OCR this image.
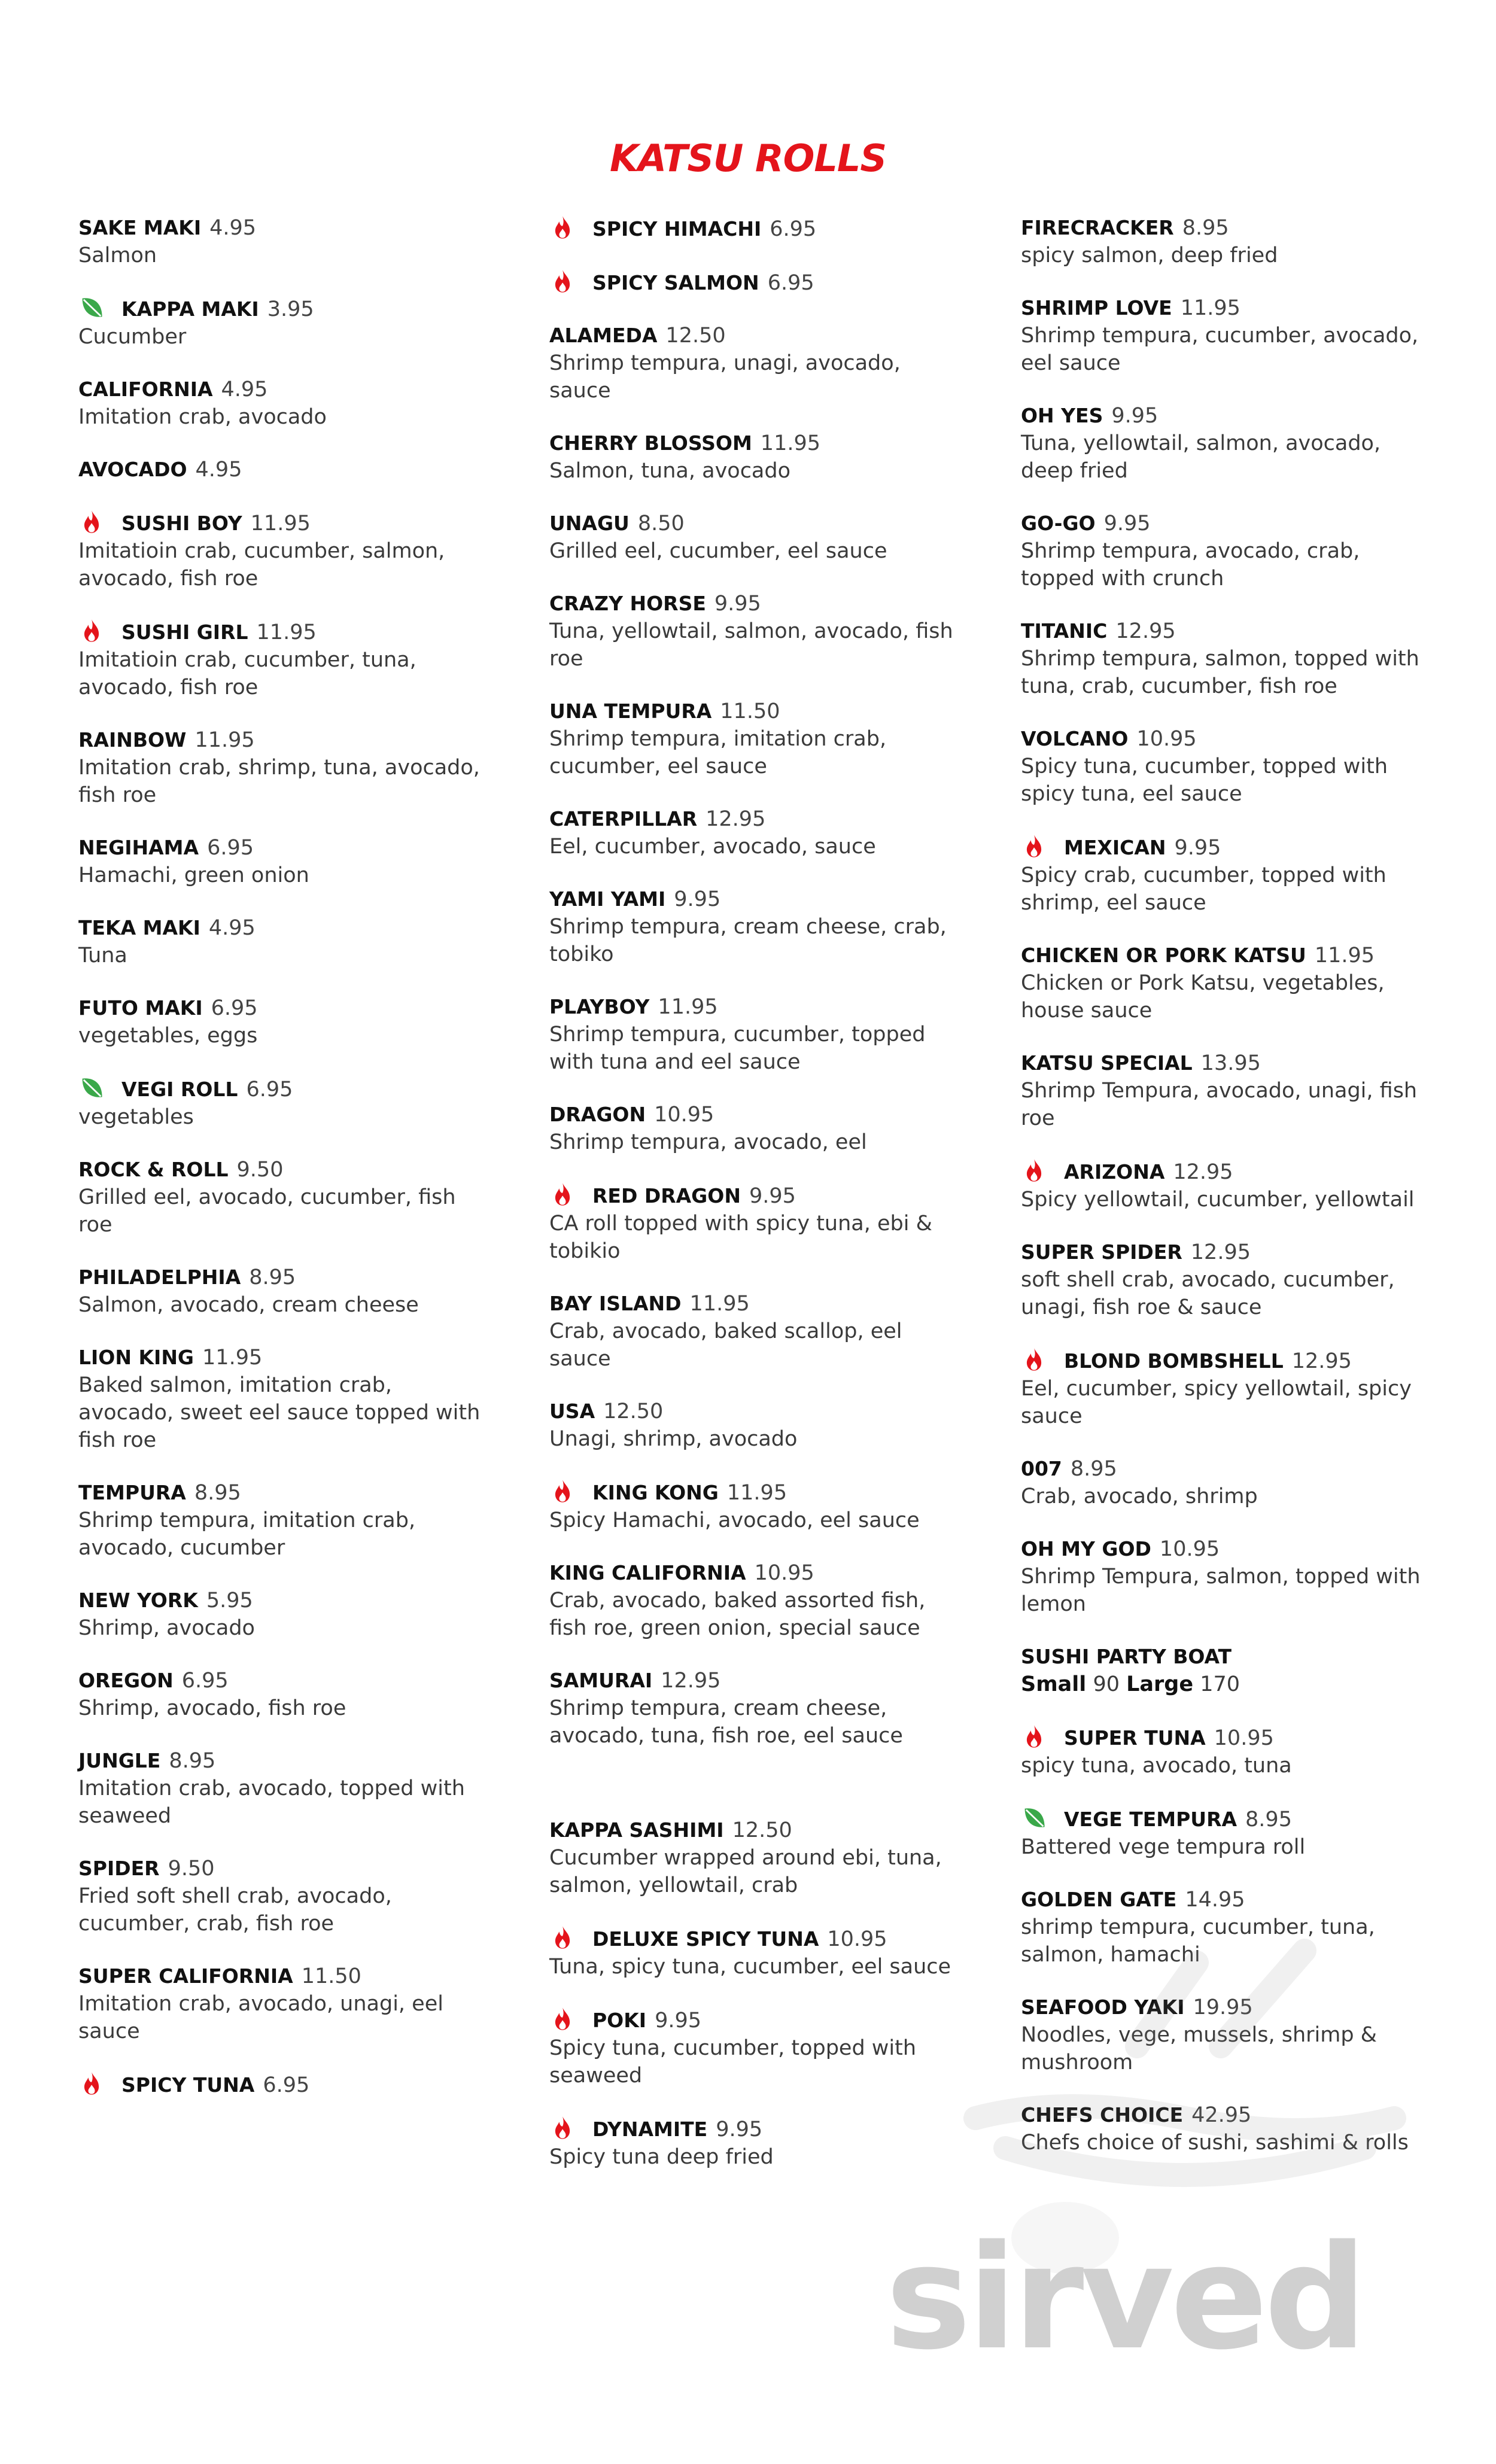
KATSU ROLLS
SAKE MAKI 4.95
Salmon
KAPPA MAKI 3.95
Cucumber
CALIFORNIA 4.95
Imitation crab, avocado
AVOCADO 4.95
SUSHI BOY 11.95
Imitatioin crab, cucumber, salmon, avocado, fish roe
SUSHI GIRL 11.95
Imitatioin crab, cucumber, tuna, avocado, fish roe
RAINBOW 11.95
Imitation crab, shrimp, tuna, avocado, fish roe
NEGIHAMA 6.95
Hamachi, green onion
TEKA MAKI 4.95
Tuna
FUTO MAKI 6.95
vegetables, eggs
VEGI ROLL 6.95
vegetables
ROCK & ROLL 9.50
Grilled eel, avocado, cucumber, fish roe
PHILADELPHIA 8.95
Salmon, avocado, cream cheese
LION KING 11.95
Baked salmon, imitation crab, avocado, sweet eel sauce topped with fish roe
TEMPURA 8.95
Shrimp tempura, imitation crab, avocado, cucumber
NEW YORK 5.95
Shrimp, avocado
OREGON 6.95
Shrimp, avocado, fish roe
JUNGLE 8.95
Imitation crab, avocado, topped with seaweed
SPIDER 9.50
Fried soft shell crab, avocado, cucumber, crab, fish roe
SUPER CALIFORNIA 11.50
Imitation crab, avocado, unagi, eel sauce
SPICY TUNA 6.95
SPICY HIMACHI 6.95
SPICY SALMON 6.95
ALAMEDA 12.50
Shrimp tempura, unagi, avocado, sauce
CHERRY BLOSSOM 11.95
Salmon, tuna, avocado
UNAGU 8.50
Grilled eel, cucumber, eel sauce
CRAZY HORSE 9.95
Tuna, yellowtail, salmon, avocado, fish roe
UNA TEMPURA 11.50
Shrimp tempura, imitation crab, cucumber, eel sauce
CATERPILLAR 12.95
Eel, cucumber, avocado, sauce
YAMI YAMI 9.95
Shrimp tempura, cream cheese, crab, tobiko
PLAYBOY 11.95
Shrimp tempura, cucumber, topped with tuna and eel sauce
DRAGON 10.95
Shrimp tempura, avocado, eel
RED DRAGON 9.95
CA roll topped with spicy tuna, ebi & tobikio
BAY ISLAND 11.95
Crab, avocado, baked scallop, eel sauce
USA 12.50
Unagi, shrimp, avocado
KING KONG 11.95
Spicy Hamachi, avocado, eel sauce
KING CALIFORNIA 10.95
Crab, avocado, baked assorted fish, fish roe, green onion, special sauce
SAMURAI 12.95
Shrimp tempura, cream cheese, avocado, tuna, fish roe, eel sauce
KAPPA SASHIMI 12.50
Cucumber wrapped around ebi, tuna, salmon, yellowtail, crab
DELUXE SPICY TUNA 10.95
Tuna, spicy tuna, cucumber, eel sauce
POKI 9.95
Spicy tuna, cucumber, topped with seaweed
DYNAMITE 9.95
Spicy tuna deep fried
FIRECRACKER 8.95
spicy salmon, deep fried
SHRIMP LOVE 11.95
Shrimp tempura, cucumber, avocado, eel sauce
OH YES 9.95
Tuna, yellowtail, salmon, avocado, deep fried
GO-GO 9.95
Shrimp tempura, avocado, crab, topped with crunch
TITANIC 12.95
Shrimp tempura, salmon, topped with tuna, crab, cucumber, fish roe
VOLCANO 10.95
Spicy tuna, cucumber, topped with spicy tuna, eel sauce
MEXICAN 9.95
Spicy crab, cucumber, topped with shrimp, eel sauce
CHICKEN OR PORK KATSU 11.95
Chicken or Pork Katsu, vegetables, house sauce
KATSU SPECIAL 13.95
Shrimp Tempura, avocado, unagi, fish roe
ARIZONA 12.95
Spicy yellowtail, cucumber, yellowtail
SUPER SPIDER 12.95
soft shell crab, avocado, cucumber, unagi, fish roe & sauce
BLOND BOMBSHELL 12.95
Eel, cucumber, spicy yellowtail, spicy sauce
007 8.95
Crab, avocado, shrimp
OH MY GOD 10.95
Shrimp Tempura, salmon, topped with lemon
SUSHI PARTY BOAT
Small 90 Large 170
SUPER TUNA 10.95
spicy tuna, avocado, tuna
VEGE TEMPURA 8.95
Battered vege tempura roll
GOLDEN GATE 14.95
shrimp tempura, cucumber, tuna, salmon, hamachi
SEAFOOD YAKI 19.95
Noodles, vege, mussels, shrimp & mushroom
CHEFS CHOICE 42.95
Chefs choice of sushi, sashimi & rolls
sirved
